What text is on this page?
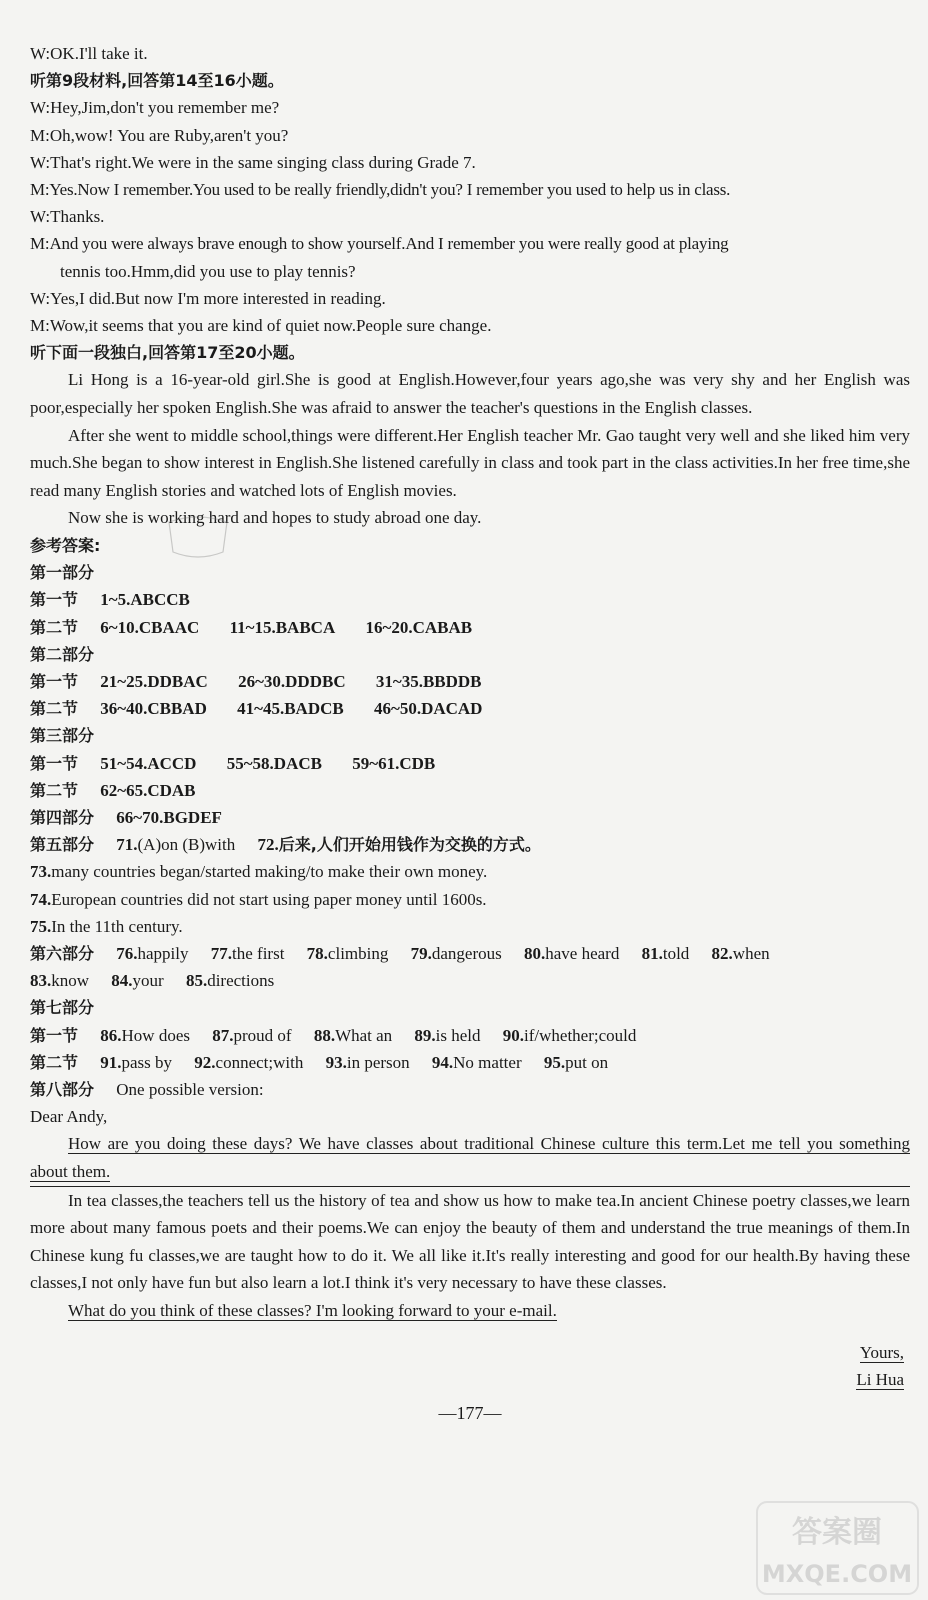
W:OK.I'll take it.
听第9段材料,回答第14至16小题。
W:Hey,Jim,don't you remember me?
M:Oh,wow! You are Ruby,aren't you?
W:That's right.We were in the same singing class during Grade 7.
M:Yes.Now I remember.You used to be really friendly,didn't you? I remember you used to help us in class.
W:Thanks.
M:And you were always brave enough to show yourself.And I remember you were really good at playing
tennis too.Hmm,did you use to play tennis?
W:Yes,I did.But now I'm more interested in reading.
M:Wow,it seems that you are kind of quiet now.People sure change.
听下面一段独白,回答第17至20小题。
Li Hong is a 16-year-old girl.She is good at English.However,four years ago,she was very shy and her English was poor,especially her spoken English.She was afraid to answer the teacher's questions in the English classes.
After she went to middle school,things were different.Her English teacher Mr. Gao taught very well and she liked him very much.She began to show interest in English.She listened carefully in class and took part in the class activities.In her free time,she read many English stories and watched lots of English movies.
Now she is working hard and hopes to study abroad one day.
参考答案:
第一部分
第一节 1~5.ABCCB
第二节 6~10.CBAAC 11~15.BABCA 16~20.CABAB
第二部分
第一节 21~25.DDBAC 26~30.DDDBC 31~35.BBDDB
第二节 36~40.CBBAD 41~45.BADCB 46~50.DACAD
第三部分
第一节 51~54.ACCD 55~58.DACB 59~61.CDB
第二节 62~65.CDAB
第四部分 66~70.BGDEF
第五部分 71.(A)on (B)with 72.后来,人们开始用钱作为交换的方式。
73.many countries began/started making/to make their own money.
74.European countries did not start using paper money until 1600s.
75.In the 11th century.
第六部分 76.happily 77.the first 78.climbing 79.dangerous 80.have heard 81.told 82.when
83.know 84.your 85.directions
第七部分
第一节 86.How does 87.proud of 88.What an 89.is held 90.if/whether;could
第二节 91.pass by 92.connect;with 93.in person 94.No matter 95.put on
第八部分 One possible version:
Dear Andy,
How are you doing these days? We have classes about traditional Chinese culture this term.Let me tell you something about them.
In tea classes,the teachers tell us the history of tea and show us how to make tea.In ancient Chinese poetry classes,we learn more about many famous poets and their poems.We can enjoy the beauty of them and understand the true meanings of them.In Chinese kung fu classes,we are taught how to do it. We all like it.It's really interesting and good for our health.By having these classes,I not only have fun but also learn a lot.I think it's very necessary to have these classes.
What do you think of these classes? I'm looking forward to your e-mail.
Yours,
Li Hua
—177—
答案圈
MXQE.COM
